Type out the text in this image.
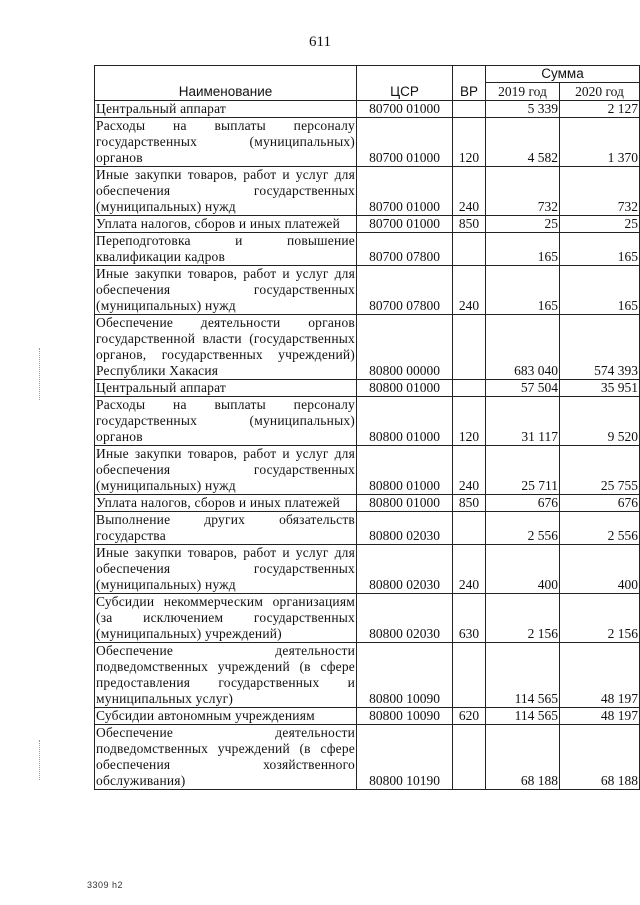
611
Наименование	ЦСР	ВР	Сумма	
			2019 год	2020 год
Центральный аппарат	80700 01000		5 339	2 127
Расходы на выплаты персоналу государственных (муниципальных) органов	80700 01000	120	4 582	1 370
Иные закупки товаров, работ и услуг для обеспечения государственных (муниципальных) нужд	80700 01000	240	732	732
Уплата налогов, сборов и иных платежей	80700 01000	850	25	25
Переподготовка и повышение квалификации кадров	80700 07800		165	165
Иные закупки товаров, работ и услуг для обеспечения государственных (муниципальных) нужд	80700 07800	240	165	165
Обеспечение деятельности органов государственной власти (государственных органов, государственных учреждений) Республики Хакасия	80800 00000		683 040	574 393
Центральный аппарат	80800 01000		57 504	35 951
Расходы на выплаты персоналу государственных (муниципальных) органов	80800 01000	120	31 117	9 520
Иные закупки товаров, работ и услуг для обеспечения государственных (муниципальных) нужд	80800 01000	240	25 711	25 755
Уплата налогов, сборов и иных платежей	80800 01000	850	676	676
Выполнение других обязательств государства	80800 02030		2 556	2 556
Иные закупки товаров, работ и услуг для обеспечения государственных (муниципальных) нужд	80800 02030	240	400	400
Субсидии некоммерческим организациям (за исключением государственных (муниципальных) учреждений)	80800 02030	630	2 156	2 156
Обеспечение деятельности подведомственных учреждений (в сфере предоставления государственных и муниципальных услуг)	80800 10090		114 565	48 197
Субсидии автономным учреждениям	80800 10090	620	114 565	48 197
Обеспечение деятельности подведомственных учреждений (в сфере обеспечения хозяйственного обслуживания)	80800 10190		68 188	68 188
3309 h2
